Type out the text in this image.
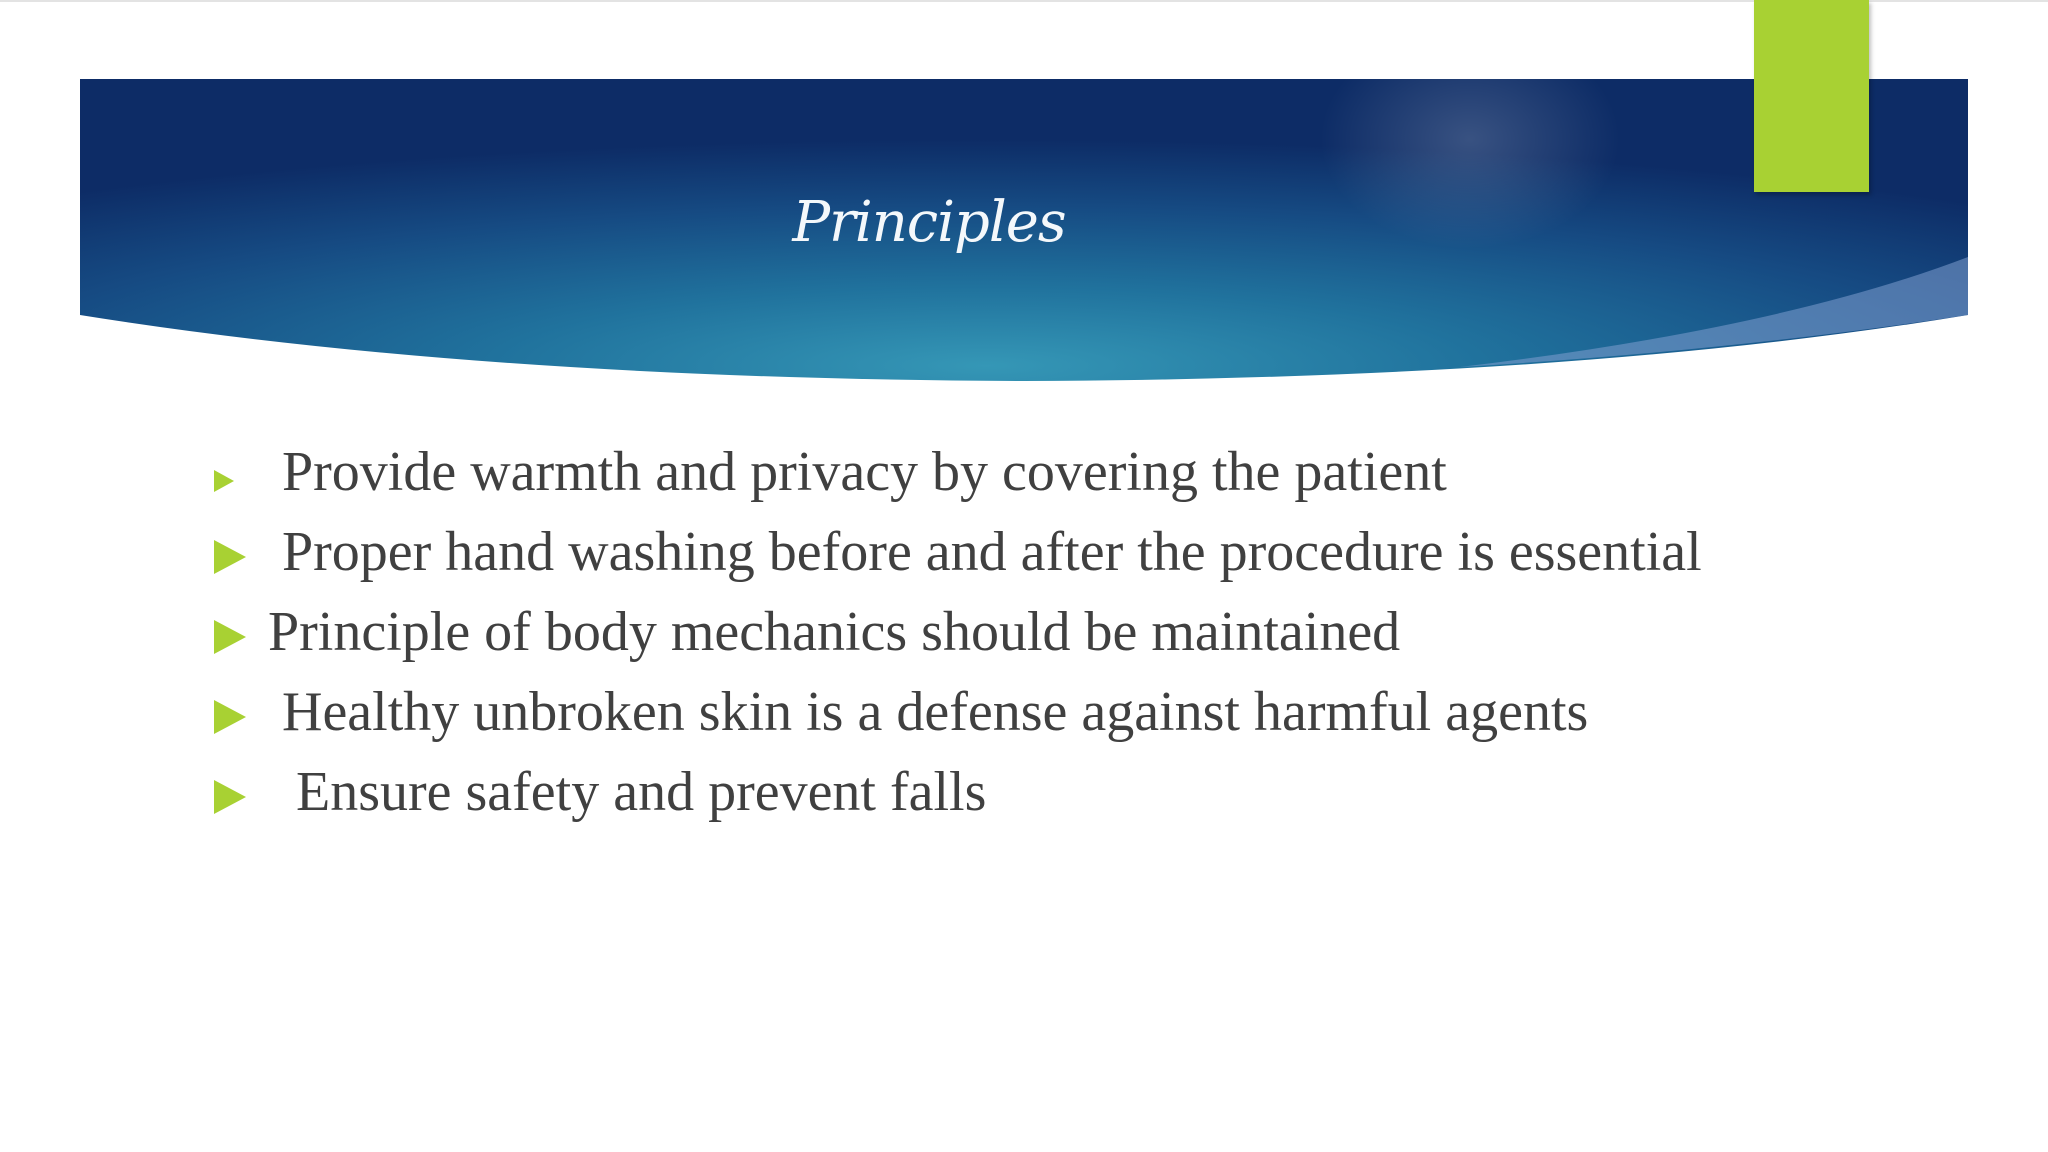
Principles
Provide warmth and privacy by covering the patient
Proper hand washing before and after the procedure is essential
Principle of body mechanics should be maintained
Healthy unbroken skin is a defense against harmful agents
Ensure safety and prevent falls
